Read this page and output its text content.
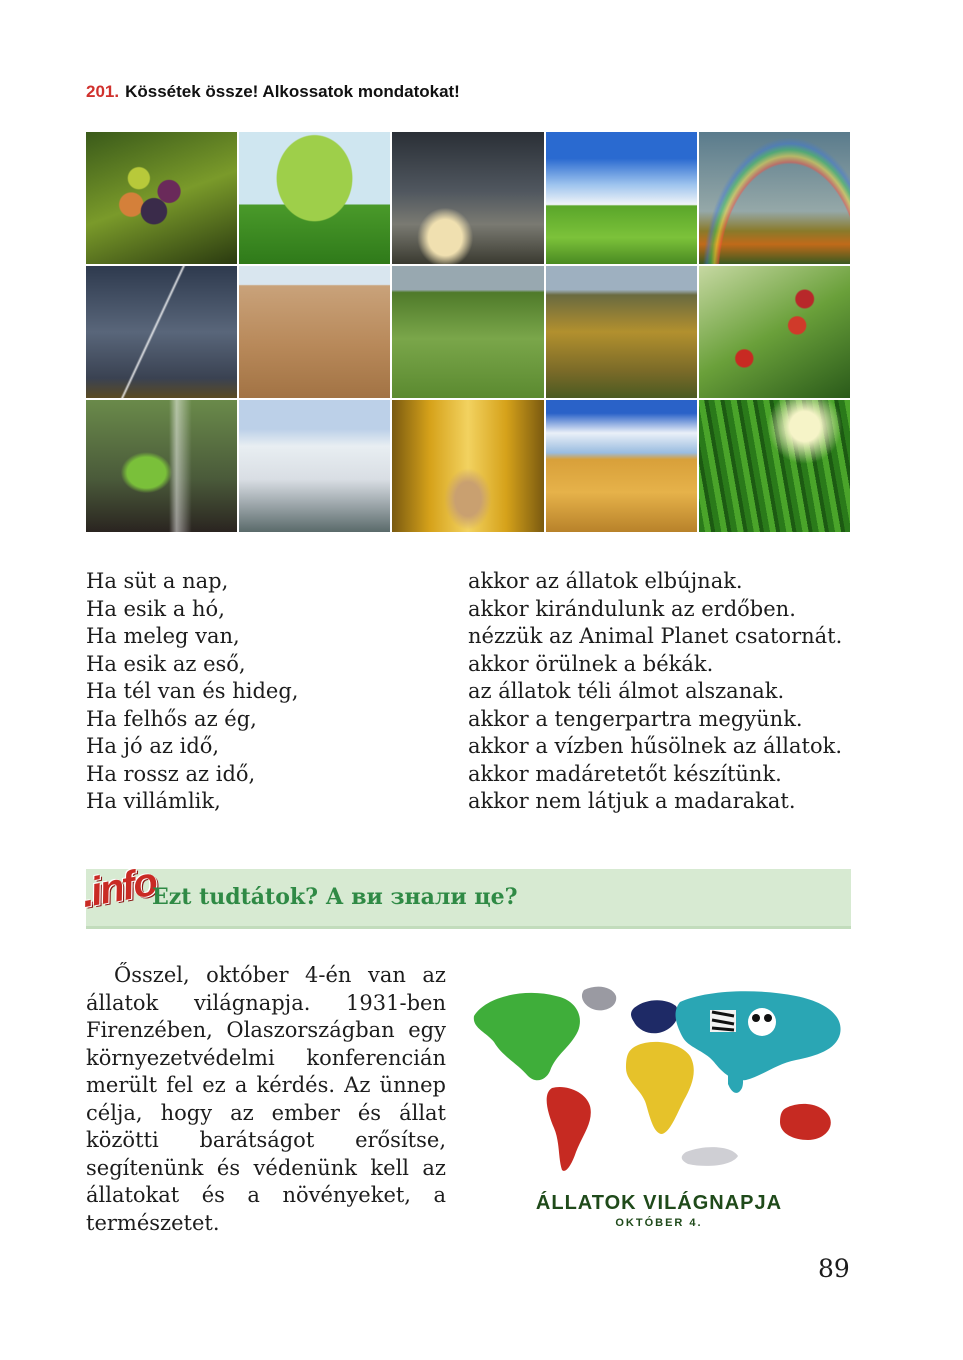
201. Kössétek össze! Alkossatok mondatokat!
Ha süt a nap,
Ha esik a hó,
Ha meleg van,
Ha esik az eső,
Ha tél van és hideg,
Ha felhős az ég,
Ha jó az idő,
Ha rossz az idő,
Ha villámlik,
akkor az állatok elbújnak.
akkor kirándulunk az erdőben.
nézzük az Animal Planet csatornát.
akkor örülnek a békák.
az állatok téli álmot alszanak.
akkor a tengerpartra megyünk.
akkor a vízben hűsölnek az állatok.
akkor madáretetőt készítünk.
akkor nem látjuk a madarakat.
.info
Ezt tudtátok? А ви знали це?
Ősszel, október 4-én van az állatok világnapja. 1931-ben Firenzében, Olaszországban egy környezetvédelmi konferencián merült fel ez a kérdés. Az ünnep célja, hogy az ember és állat közötti barátságot erősítse, segítenünk és védenünk kell az állatokat és a növényeket, a természetet.
ÁLLATOK VILÁGNAPJA
OKTÓBER 4.
89
